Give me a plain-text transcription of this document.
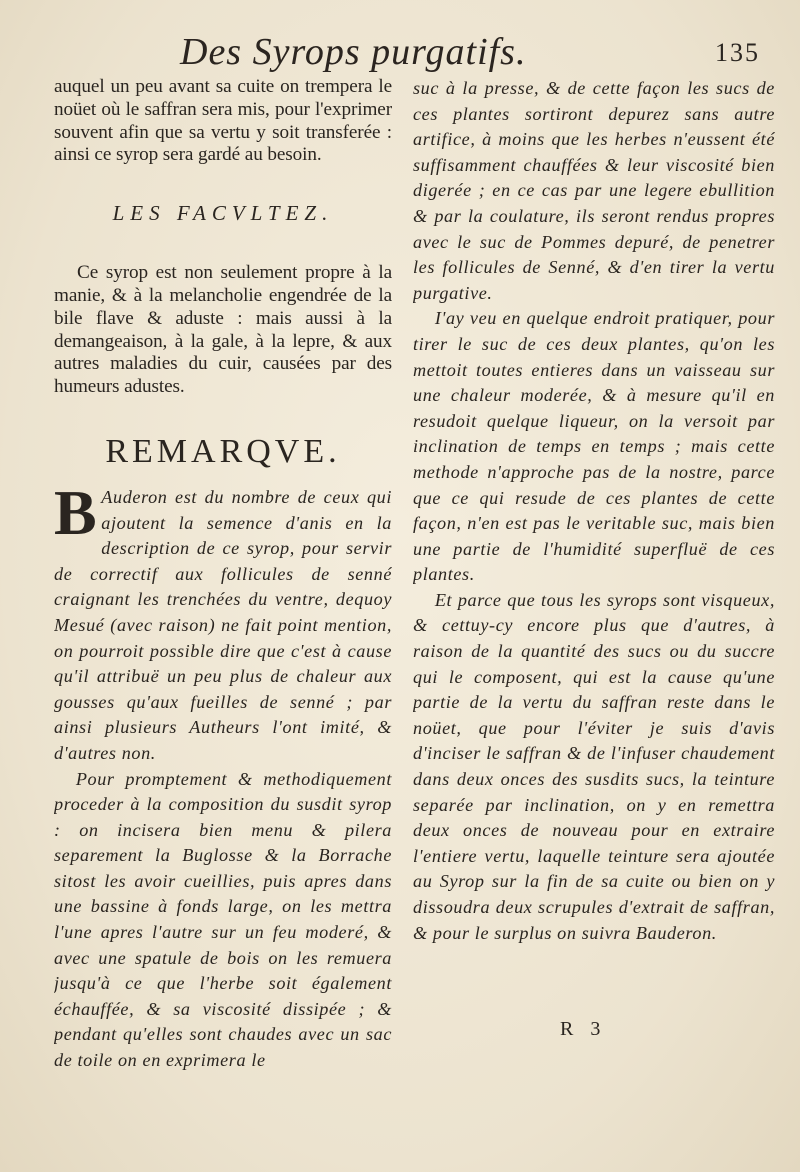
Des Syrops purgatifs.	135

auquel un peu avant sa cuite on trempera le noüet où le saffran sera mis, pour l'exprimer souvent afin que sa vertu y soit transferée : ainsi ce syrop sera gardé au besoin.

LES FACVLTEZ.

Ce syrop est non seulement propre à la manie, & à la melancholie engendrée de la bile flave & aduste : mais aussi à la demangeaison, à la gale, à la lepre, & aux autres maladies du cuir, causées par des humeurs adustes.

REMARQVE.

B Auderon est du nombre de ceux qui ajoutent la semence d'anis en la description de ce syrop, pour servir de correctif aux follicules de senné craignant les trenchées du ventre, dequoy Mesué (avec raison) ne fait point mention, on pourroit possible dire que c'est à cause qu'il attribuë un peu plus de chaleur aux gousses qu'aux fueilles de senné ; par ainsi plusieurs Autheurs l'ont imité, & d'autres non.

Pour promptement & methodiquement proceder à la composition du susdit syrop : on incisera bien menu & pilera separement la Buglosse & la Borrache sitost les avoir cueillies, puis apres dans une bassine à fonds large, on les mettra l'une apres l'autre sur un feu moderé, & avec une spatule de bois on les remuera jusqu'à ce que l'herbe soit également échauffée, & sa viscosité dissipée ; & pendant qu'elles sont chaudes avec un sac de toile on en exprimera le

suc à la presse, & de cette façon les sucs de ces plantes sortiront depurez sans autre artifice, à moins que les herbes n'eussent été suffisamment chauffées & leur viscosité bien digerée ; en ce cas par une legere ebullition & par la coulature, ils seront rendus propres avec le suc de Pommes depuré, de penetrer les follicules de Senné, & d'en tirer la vertu purgative.

I'ay veu en quelque endroit pratiquer, pour tirer le suc de ces deux plantes, qu'on les mettoit toutes entieres dans un vaisseau sur une chaleur moderée, & à mesure qu'il en resudoit quelque liqueur, on la versoit par inclination de temps en temps ; mais cette methode n'approche pas de la nostre, parce que ce qui resude de ces plantes de cette façon, n'en est pas le veritable suc, mais bien une partie de l'humidité superfluë de ces plantes.

Et parce que tous les syrops sont visqueux, & cettuy-cy encore plus que d'autres, à raison de la quantité des sucs ou du succre qui le composent, qui est la cause qu'une partie de la vertu du saffran reste dans le noüet, que pour l'éviter je suis d'avis d'inciser le saffran & de l'infuser chaudement dans deux onces des susdits sucs, la teinture separée par inclination, on y en remettra deux onces de nouveau pour en extraire l'entiere vertu, laquelle teinture sera ajoutée au Syrop sur la fin de sa cuite ou bien on y dissoudra deux scrupules d'extrait de saffran, & pour le surplus on suivra Bauderon.

R 3
